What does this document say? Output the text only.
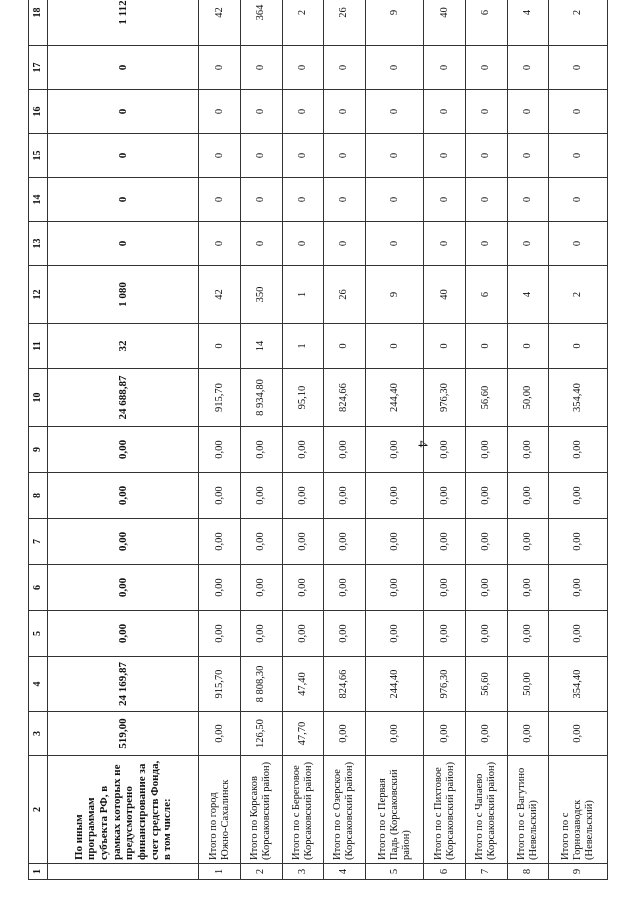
4
1	2	3	4	5	6	7	8	9	10	11	12	13	14	15	16	17	18
	По иным программам субъекта РФ, в рамках которых не предусмотрено финансирование за счет средств Фонда, в том числе:	519,00	24 169,87	0,00	0,00	0,00	0,00	0,00	24 688,87	32	1 080	0	0	0	0	0	1 112
1	Итого по город Южно-Сахалинск	0,00	915,70	0,00	0,00	0,00	0,00	0,00	915,70	0	42	0	0	0	0	0	42
2	Итого по Корсаков (Корсаковский район)	126,50	8 808,30	0,00	0,00	0,00	0,00	0,00	8 934,80	14	350	0	0	0	0	0	364
3	Итого по с Береговое (Корсаковский район)	47,70	47,40	0,00	0,00	0,00	0,00	0,00	95,10	1	1	0	0	0	0	0	2
4	Итого по с Озерское (Корсаковский район)	0,00	824,66	0,00	0,00	0,00	0,00	0,00	824,66	0	26	0	0	0	0	0	26
5	Итого по с Первая Падь (Корсаковский район)	0,00	244,40	0,00	0,00	0,00	0,00	0,00	244,40	0	9	0	0	0	0	0	9
6	Итого по с Пихтовое (Корсаковский район)	0,00	976,30	0,00	0,00	0,00	0,00	0,00	976,30	0	40	0	0	0	0	0	40
7	Итого по с Чапаево (Корсаковский район)	0,00	56,60	0,00	0,00	0,00	0,00	0,00	56,60	0	6	0	0	0	0	0	6
8	Итого по с Вагутино (Невельский)	0,00	50,00	0,00	0,00	0,00	0,00	0,00	50,00	0	4	0	0	0	0	0	4
9	Итого по с Горнозаводск (Невельский)	0,00	354,40	0,00	0,00	0,00	0,00	0,00	354,40	0	2	0	0	0	0	0	2
